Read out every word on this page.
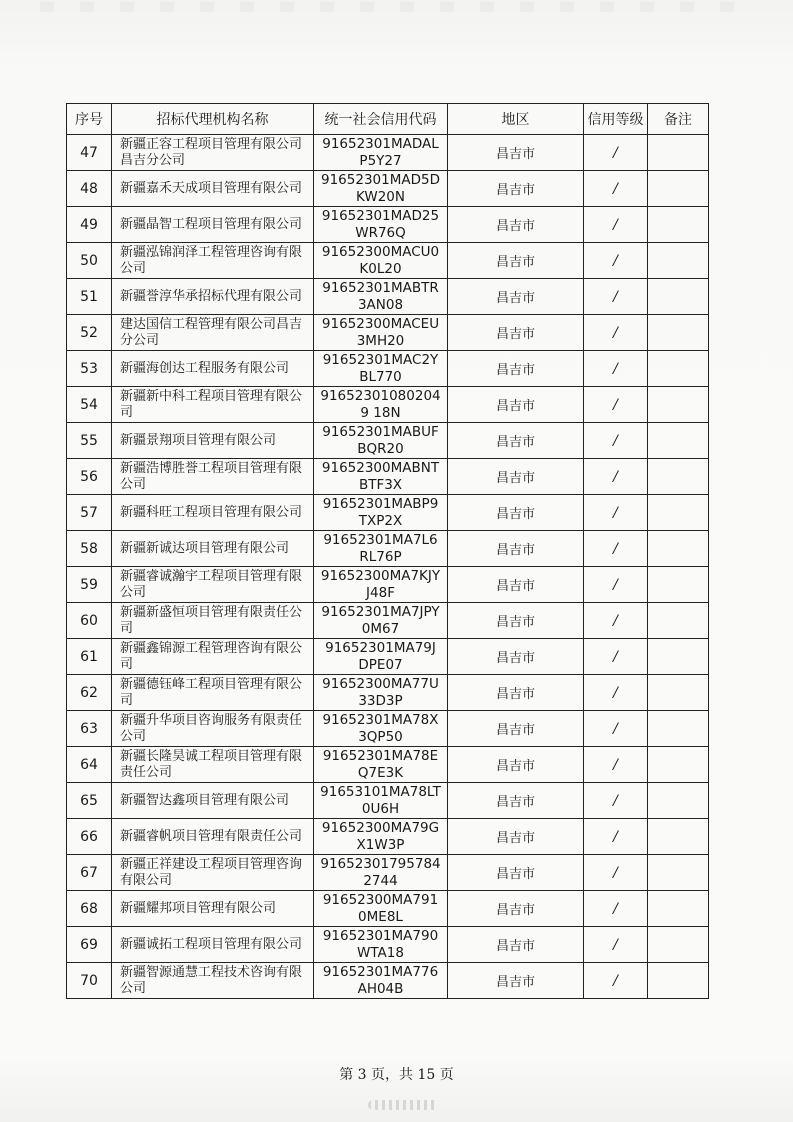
序号	招标代理机构名称	统一社会信用代码	地区	信用等级	备注
47	新疆正容工程项目管理有限公司昌吉分公司	91652301MADALP5Y27	昌吉市	/	
48	新疆嘉禾天成项目管理有限公司	91652301MAD5DKW20N	昌吉市	/	
49	新疆晶智工程项目管理有限公司	91652301MAD25WR76Q	昌吉市	/	
50	新疆泓锦润泽工程管理咨询有限公司	91652300MACU0K0L20	昌吉市	/	
51	新疆誉淳华承招标代理有限公司	91652301MABTR3AN08	昌吉市	/	
52	建达国信工程管理有限公司昌吉分公司	91652300MACEU3MH20	昌吉市	/	
53	新疆海创达工程服务有限公司	91652301MAC2YBL770	昌吉市	/	
54	新疆新中科工程项目管理有限公司	916523010802049 18N	昌吉市	/	
55	新疆景翔项目管理有限公司	91652301MABUFBQR20	昌吉市	/	
56	新疆浩博胜誉工程项目管理有限公司	91652300MABNTBTF3X	昌吉市	/	
57	新疆科旺工程项目管理有限公司	91652301MABP9TXP2X	昌吉市	/	
58	新疆新诚达项目管理有限公司	91652301MA7L6RL76P	昌吉市	/	
59	新疆睿诚瀚宇工程项目管理有限公司	91652300MA7KJYJ48F	昌吉市	/	
60	新疆新盛恒项目管理有限责任公司	91652301MA7JPY0M67	昌吉市	/	
61	新疆鑫锦源工程管理咨询有限公司	91652301MA79JDPE07	昌吉市	/	
62	新疆德钰峰工程项目管理有限公司	91652300MA77U33D3P	昌吉市	/	
63	新疆升华项目咨询服务有限责任公司	91652301MA78X3QP50	昌吉市	/	
64	新疆长隆昊诚工程项目管理有限责任公司	91652301MA78EQ7E3K	昌吉市	/	
65	新疆智达鑫项目管理有限公司	91653101MA78LT0U6H	昌吉市	/	
66	新疆睿帆项目管理有限责任公司	91652300MA79GX1W3P	昌吉市	/	
67	新疆正祥建设工程项目管理咨询有限公司	916523017957842744	昌吉市	/	
68	新疆耀邦项目管理有限公司	91652300MA7910ME8L	昌吉市	/	
69	新疆诚拓工程项目管理有限公司	91652301MA790WTA18	昌吉市	/	
70	新疆智源通慧工程技术咨询有限公司	91652301MA776AH04B	昌吉市	/	
第 3 页，共 15 页
